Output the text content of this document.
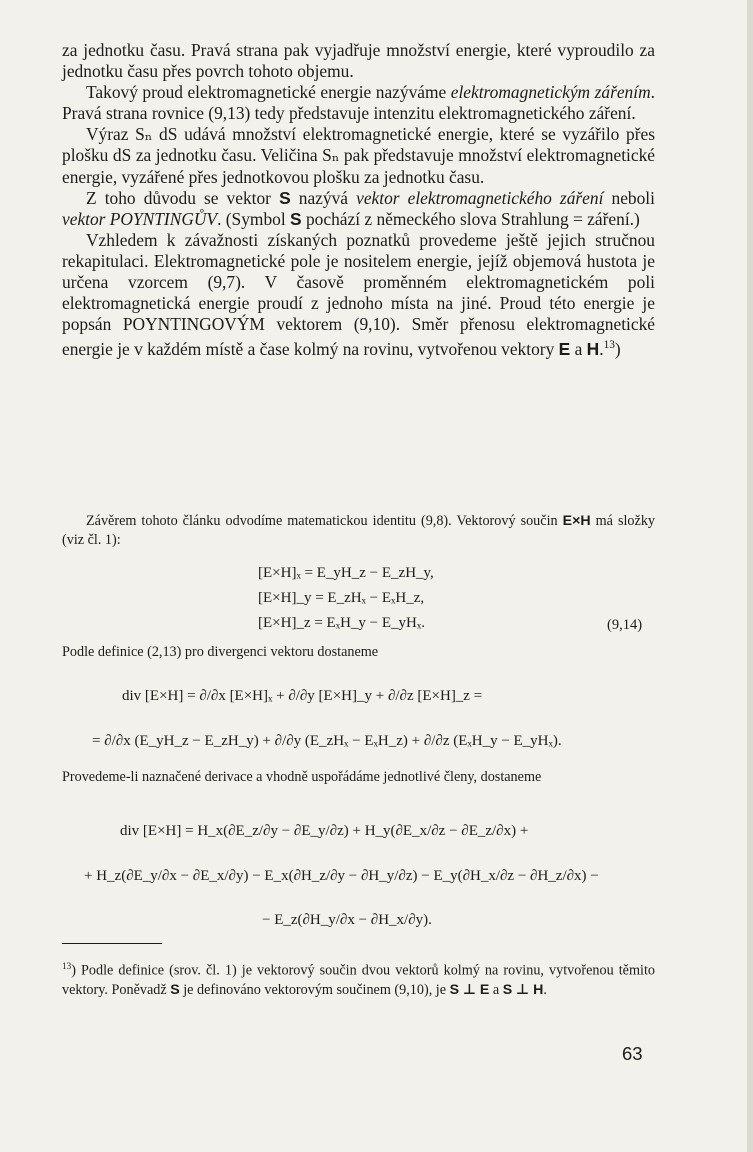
za jednotku času. Pravá strana pak vyjadřuje množství energie, které vyproudilo za jednotku času přes povrch tohoto objemu.

Takový proud elektromagnetické energie nazýváme elektromagnetickým zářením. Pravá strana rovnice (9,13) tedy představuje intenzitu elektromagnetického záření.

Výraz Sₙ dS udává množství elektromagnetické energie, které se vyzářilo přes plošku dS za jednotku času. Veličina Sₙ pak představuje množství elektromagnetické energie, vyzářené přes jednotkovou plošku za jednotku času.

Z toho důvodu se vektor S nazývá vektor elektromagnetického záření neboli vektor POYNTINGŮV. (Symbol S pochází z německého slova Strahlung = záření.)

Vzhledem k závažnosti získaných poznatků provedeme ještě jejich stručnou rekapitulaci. Elektromagnetické pole je nositelem energie, jejíž objemová hustota je určena vzorcem (9,7). V časově proměnném elektromagnetickém poli elektromagnetická energie proudí z jednoho místa na jiné. Proud této energie je popsán POYNTINGOVÝM vektorem (9,10). Směr přenosu elektromagnetické energie je v každém místě a čase kolmý na rovinu, vytvořenou vektory E a H.$^{13}$)

Závěrem tohoto článku odvodíme matematickou identitu (9,8). Vektorový součin E×H má složky (viz čl. 1):

[E×H]ₓ = E_yH_z − E_zH_y,
[E×H]_y = E_zHₓ − EₓH_z,
[E×H]_z = EₓH_y − E_yHₓ.	(9,14)

Podle definice (2,13) pro divergenci vektoru dostaneme

div [E×H] = ∂/∂x [E×H]ₓ + ∂/∂y [E×H]_y + ∂/∂z [E×H]_z =
= ∂/∂x (E_yH_z − E_zH_y) + ∂/∂y (E_zHₓ − EₓH_z) + ∂/∂z (EₓH_y − E_yHₓ).

Provedeme-li naznačené derivace a vhodně uspořádáme jednotlivé členy, dostaneme

div [E×H] = H_x(∂E_z/∂y − ∂E_y/∂z) + H_y(∂E_x/∂z − ∂E_z/∂x) +
+ H_z(∂E_y/∂x − ∂E_x/∂y) − E_x(∂H_z/∂y − ∂H_y/∂z) − E_y(∂H_x/∂z − ∂H_z/∂x) −
− E_z(∂H_y/∂x − ∂H_x/∂y).
$^{13}$) Podle definice (srov. čl. 1) je vektorový součin dvou vektorů kolmý na rovinu, vytvořenou těmito vektory. Poněvadž S je definováno vektorovým součinem (9,10), je S ⊥ E a S ⊥ H.
63
